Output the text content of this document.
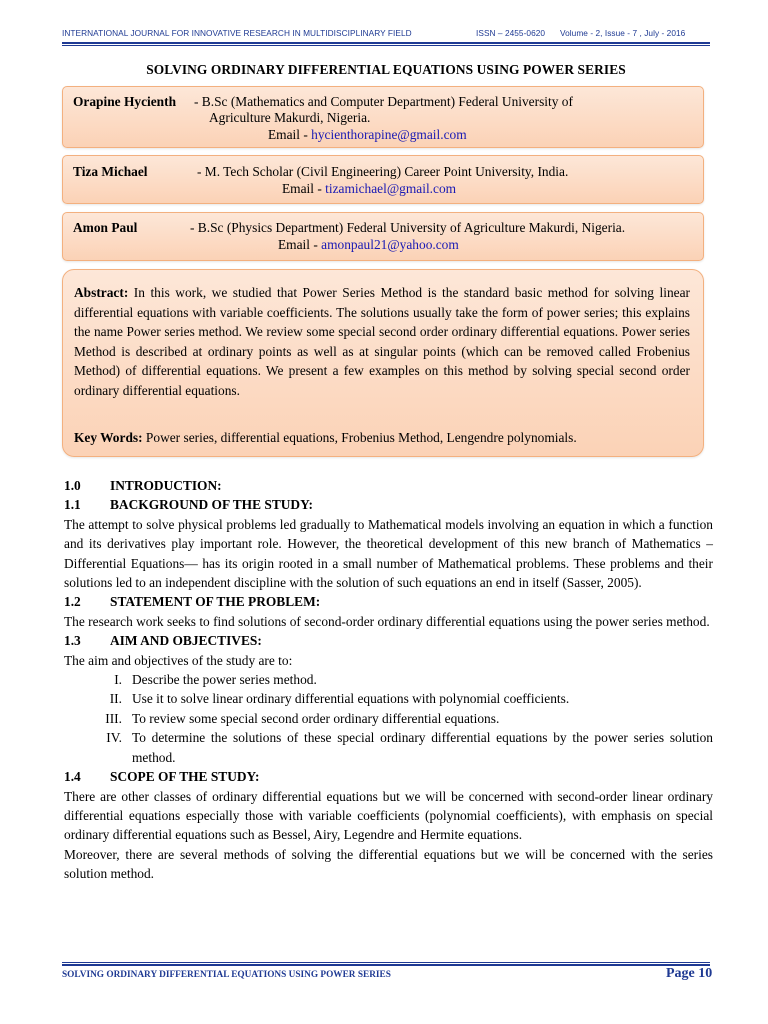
INTERNATIONAL JOURNAL FOR INNOVATIVE RESEARCH IN MULTIDISCIPLINARY FIELD	ISSN – 2455-0620 Volume - 2, Issue - 7 , July - 2016
SOLVING ORDINARY DIFFERENTIAL EQUATIONS USING POWER SERIES
Orapine Hycienth - B.Sc (Mathematics and Computer Department) Federal University of
Agriculture Makurdi, Nigeria.
Email - hycienthorapine@gmail.com
Tiza Michael	- M. Tech Scholar (Civil Engineering) Career Point University, India.
Email - tizamichael@gmail.com
Amon Paul	- B.Sc (Physics Department) Federal University of Agriculture Makurdi, Nigeria.
Email - amonpaul21@yahoo.com

Abstract: In this work, we studied that Power Series Method is the standard basic method for solving linear differential equations with variable coefficients. The solutions usually take the form of power series; this explains the name Power series method. We review some special second order ordinary differential equations. Power series Method is described at ordinary points as well as at singular points (which can be removed called Frobenius Method) of differential equations. We present a few examples on this method by solving special second order ordinary differential equations.

Key Words: Power series, differential equations, Frobenius Method, Lengendre polynomials.
1.0	INTRODUCTION:
1.1	BACKGROUND OF THE STUDY:

The attempt to solve physical problems led gradually to Mathematical models involving an equation in which a function and its derivatives play important role. However, the theoretical development of this new branch of Mathematics –Differential Equations— has its origin rooted in a small number of Mathematical problems. These problems and their solutions led to an independent discipline with the solution of such equations an end in itself (Sasser, 2005).

1.2	STATEMENT OF THE PROBLEM:

The research work seeks to find solutions of second-order ordinary differential equations using the power series method.

1.3	AIM AND OBJECTIVES:

The aim and objectives of the study are to:

I. Describe the power series method.
II. Use it to solve linear ordinary differential equations with polynomial coefficients.
III. To review some special second order ordinary differential equations.
IV. To determine the solutions of these special ordinary differential equations by the power series solution method.
1.4	SCOPE OF THE STUDY:

There are other classes of ordinary differential equations but we will be concerned with second-order linear ordinary differential equations especially those with variable coefficients (polynomial coefficients), with emphasis on special ordinary differential equations such as Bessel, Airy, Legendre and Hermite equations.

Moreover, there are several methods of solving the differential equations but we will be concerned with the series solution method.

SOLVING ORDINARY DIFFERENTIAL EQUATIONS USING POWER SERIES	Page 10
